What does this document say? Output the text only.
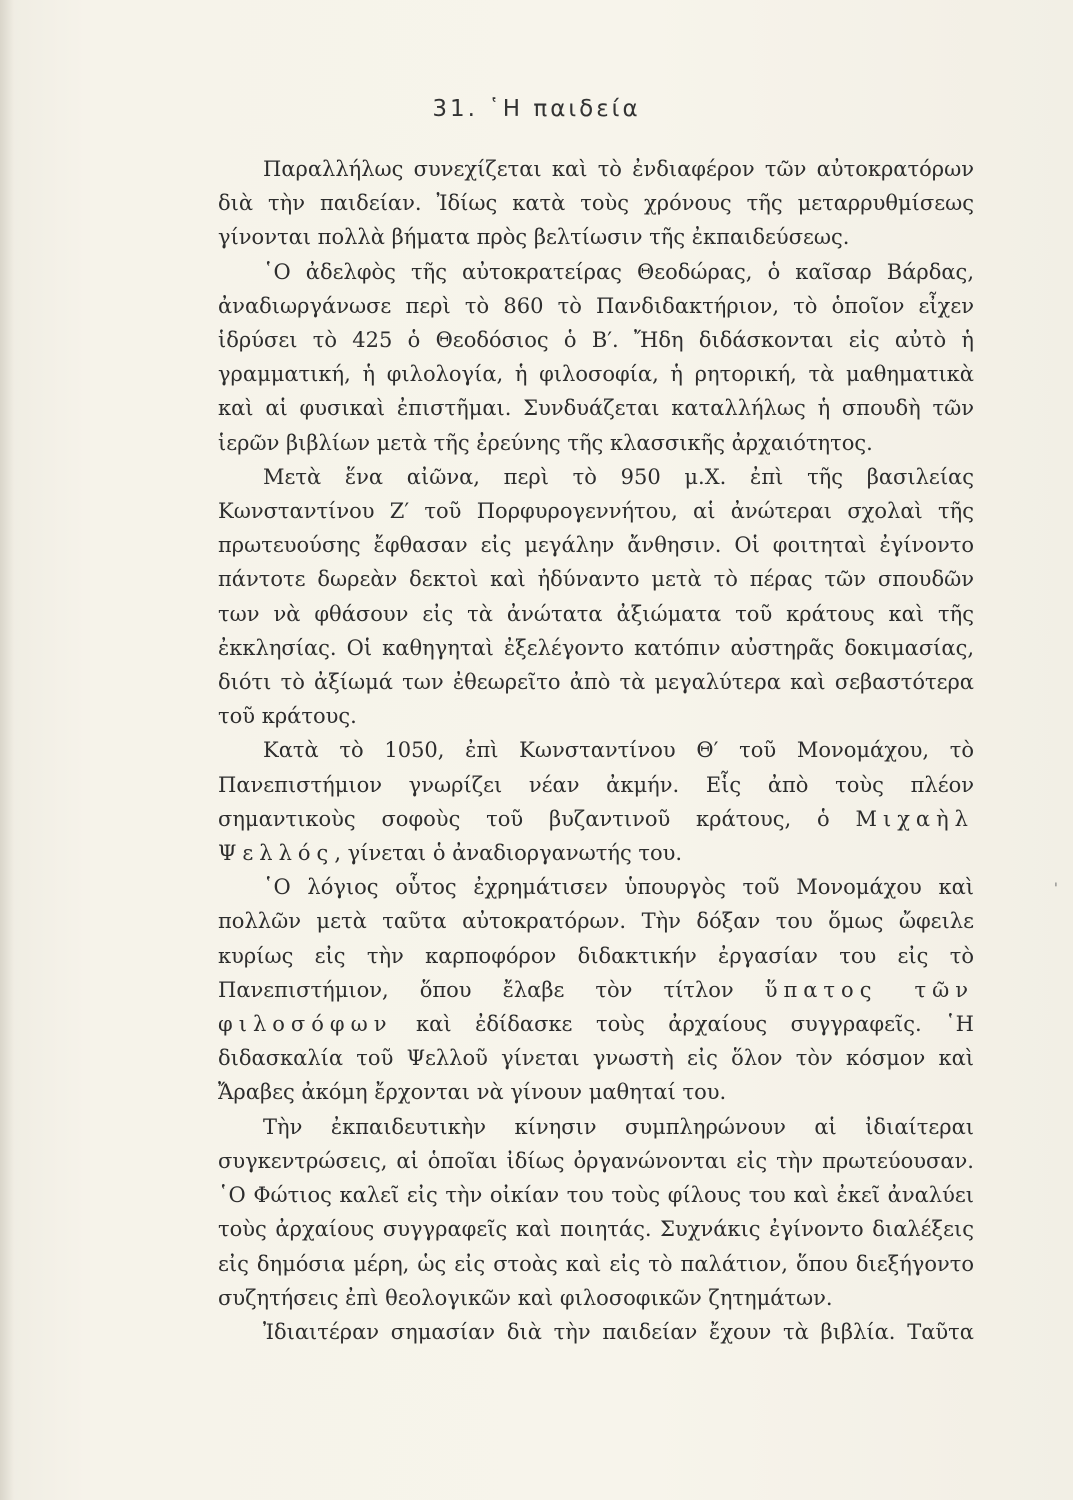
31. ῾Η παιδεία

Παραλλήλως συνεχίζεται καὶ τὸ ἐνδιαφέρον τῶν αὐτοκρατόρων διὰ τὴν παιδείαν. Ἰδίως κατὰ τοὺς χρόνους τῆς μεταρρυθμίσεως γίνονται πολλὰ βήματα πρὸς βελτίωσιν τῆς ἐκπαιδεύσεως.

῾Ο ἀδελφὸς τῆς αὐτοκρατείρας Θεοδώρας, ὁ καῖσαρ Βάρδας, ἀναδιωργάνωσε περὶ τὸ 860 τὸ Πανδιδακτήριον, τὸ ὁποῖον εἶχεν ἱδρύσει τὸ 425 ὁ Θεοδόσιος ὁ Β′. Ἤδη διδάσκονται εἰς αὐτὸ ἡ γραμματική, ἡ φιλολογία, ἡ φιλοσοφία, ἡ ρητορική, τὰ μαθηματικὰ καὶ αἱ φυσικαὶ ἐπιστῆμαι. Συνδυάζεται καταλλήλως ἡ σπουδὴ τῶν ἱερῶν βιβλίων μετὰ τῆς ἐρεύνης τῆς κλασσικῆς ἀρχαιότητος.

Μετὰ ἕνα αἰῶνα, περὶ τὸ 950 μ.Χ. ἐπὶ τῆς βασιλείας Κωνσταντίνου Ζ′ τοῦ Πορφυρογεννήτου, αἱ ἀνώτεραι σχολαὶ τῆς πρωτευούσης ἔφθασαν εἰς μεγάλην ἄνθησιν. Οἱ φοιτηταὶ ἐγίνοντο πάντοτε δωρεὰν δεκτοὶ καὶ ἠδύναντο μετὰ τὸ πέρας τῶν σπουδῶν των νὰ φθάσουν εἰς τὰ ἀνώτατα ἀξιώματα τοῦ κράτους καὶ τῆς ἐκκλησίας. Οἱ καθηγηταὶ ἐξελέγοντο κατόπιν αὐστηρᾶς δοκιμασίας, διότι τὸ ἀξίωμά των ἐθεωρεῖτο ἀπὸ τὰ μεγαλύτερα καὶ σεβαστότερα τοῦ κράτους.

Κατὰ τὸ 1050, ἐπὶ Κωνσταντίνου Θ′ τοῦ Μονομάχου, τὸ Πανεπιστήμιον γνωρίζει νέαν ἀκμήν. Εἷς ἀπὸ τοὺς πλέον σημαντικοὺς σοφοὺς τοῦ βυζαντινοῦ κράτους, ὁ Μιχαὴλ Ψελλός, γίνεται ὁ ἀναδιοργανωτής του.

῾Ο λόγιος οὗτος ἐχρημάτισεν ὑπουργὸς τοῦ Μονομάχου καὶ πολλῶν μετὰ ταῦτα αὐτοκρατόρων. Τὴν δόξαν του ὅμως ὤφειλε κυρίως εἰς τὴν καρποφόρον διδακτικήν ἐργασίαν του εἰς τὸ Πανεπιστήμιον, ὅπου ἔλαβε τὸν τίτλον ὕπατος τῶν φιλοσόφων καὶ ἐδίδασκε τοὺς ἀρχαίους συγγραφεῖς. ῾Η διδασκαλία τοῦ Ψελλοῦ γίνεται γνωστὴ εἰς ὅλον τὸν κόσμον καὶ Ἄραβες ἀκόμη ἔρχονται νὰ γίνουν μαθηταί του.

Τὴν ἐκπαιδευτικὴν κίνησιν συμπληρώνουν αἱ ἰδιαίτεραι συγκεντρώσεις, αἱ ὁποῖαι ἰδίως ὀργανώνονται εἰς τὴν πρωτεύουσαν. ῾Ο Φώτιος καλεῖ εἰς τὴν οἰκίαν του τοὺς φίλους του καὶ ἐκεῖ ἀναλύει τοὺς ἀρχαίους συγγραφεῖς καὶ ποιητάς. Συχνάκις ἐγίνοντο διαλέξεις εἰς δημόσια μέρη, ὡς εἰς στοὰς καὶ εἰς τὸ παλάτιον, ὅπου διεξήγοντο συζητήσεις ἐπὶ θεολογικῶν καὶ φιλοσοφικῶν ζητημάτων.

Ἰδιαιτέραν σημασίαν διὰ τὴν παιδείαν ἔχουν τὰ βιβλία. Ταῦτα

'
